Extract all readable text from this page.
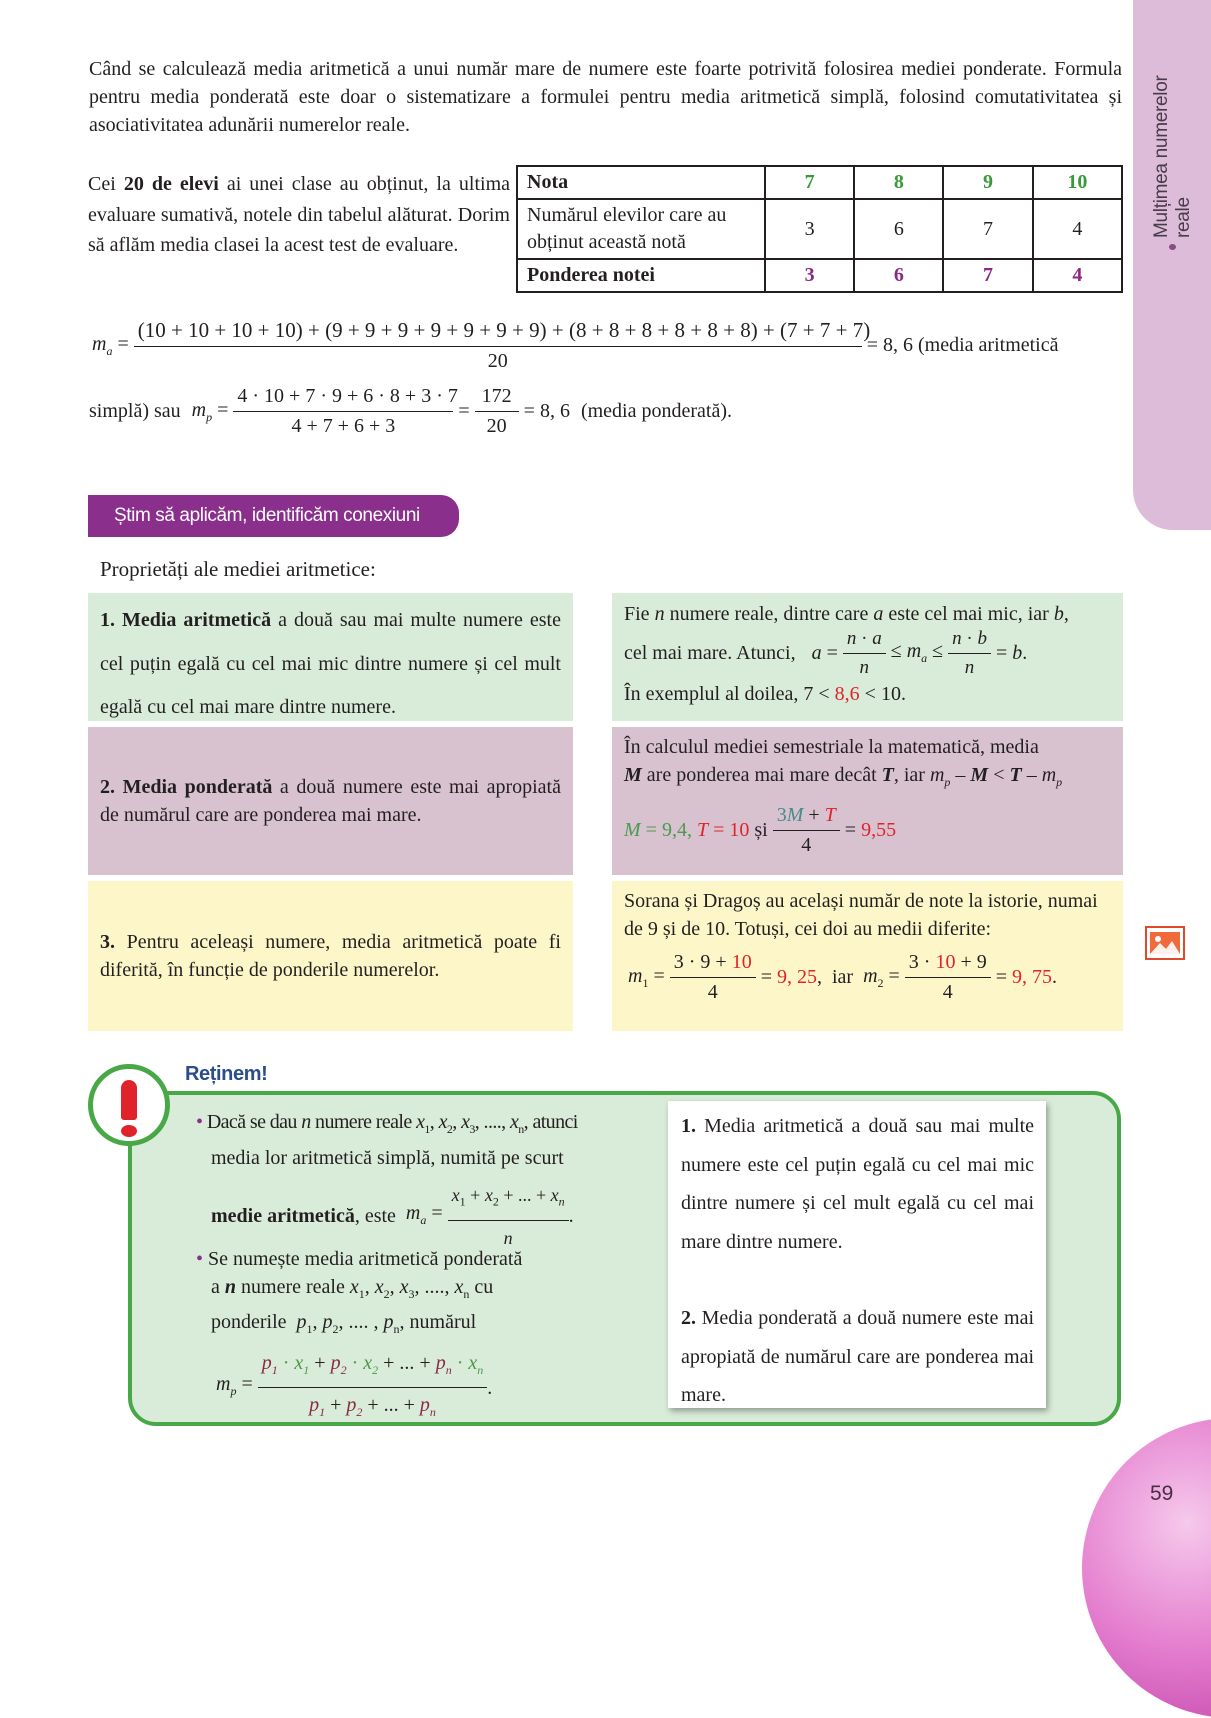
Mulțimea numerelor reale
59
Când se calculează media aritmetică a unui număr mare de numere este foarte potrivită folosirea mediei ponderate. Formula pentru media ponderată este doar o sistematizare a formulei pentru media aritmetică simplă, folosind comutativitatea și asociativitatea adunării numerelor reale.
Cei 20 de elevi ai unei clase au obținut, la ultima evaluare sumativă, notele din tabelul alăturat. Dorim să aflăm media clasei la acest test de evaluare.
Nota	7	8	9	10
Numărul elevilor care au obținut această notă	3	6	7	4
Ponderea notei	3	6	7	4
$m_a$ =
(10 + 10 + 10 + 10) + (9 + 9 + 9 + 9 + 9 + 9 + 9) + (8 + 8 + 8 + 8 + 8 + 8) + (7 + 7 + 7)
20
= 8, 6 (media aritmetică
simplă) sau $m_p = \frac{4 \cdot 10 + 7 \cdot 9 + 6 \cdot 8 + 3 \cdot 7}{4 + 7 + 6 + 3} = \frac{172}{20} = 8$, 6 (media ponderată).
Știm să aplicăm, identificăm conexiuni
Proprietăți ale mediei aritmetice:
1. Media aritmetică a două sau mai multe numere este cel puțin egală cu cel mai mic dintre numere și cel mult egală cu cel mai mare dintre numere.
Fie n numere reale, dintre care a este cel mai mic, iar b,
cel mai mare. Atunci, $a = \frac{n \cdot a}{n} \le m_a \le \frac{n \cdot b}{n} = b$.
În exemplul al doilea, 7 < 8,6 < 10.
2. Media ponderată a două numere este mai apropiată de numărul care are ponderea mai mare.
În calculul mediei semestriale la matematică, media
M are ponderea mai mare decât T, iar $m_p - M < T - m_p$
M = 9,4,
T = 10
și
$\frac{3M + T}{4} = 9,55$
3. Pentru aceleași numere, media aritmetică poate fi diferită, în funcție de ponderile numerelor.
Sorana și Dragoș au același număr de note la istorie, numai de 9 și de 10. Totuși, cei doi au medii diferite:
$m_1 = \frac{3 \cdot 9 + 10}{4} = 9$, 25 , iar $m_2 = \frac{3 \cdot 10 + 9}{4} = 9$, 75 .
Reținem!
• Dacă se dau n numere reale $x_1$, $x_2$, $x_3$, ...., $x_n$, atunci
media lor aritmetică simplă, numită pe scurt
medie aritmetică , este $m_a = \frac{x_1 + x_2 + ... + x_n}{n}$ .
• Se numește media aritmetică ponderată
a n numere reale $x_1$, $x_2$, $x_3$, ...., $x_n$ cu
ponderile  $p_1$, $p_2$, .... , $p_n$, numărul
$m_p = \frac{p_1 \cdot x_1 + p_2 \cdot x_2 + ... + p_n \cdot x_n}{p_1 + p_2 + ... + p_n}$ .
1. Media aritmetică a două sau mai multe numere este cel puțin egală cu cel mai mic dintre numere și cel mult egală cu cel mai mare dintre numere.
2. Media ponderată a două numere este mai apropiată de numărul care are ponderea mai mare.
